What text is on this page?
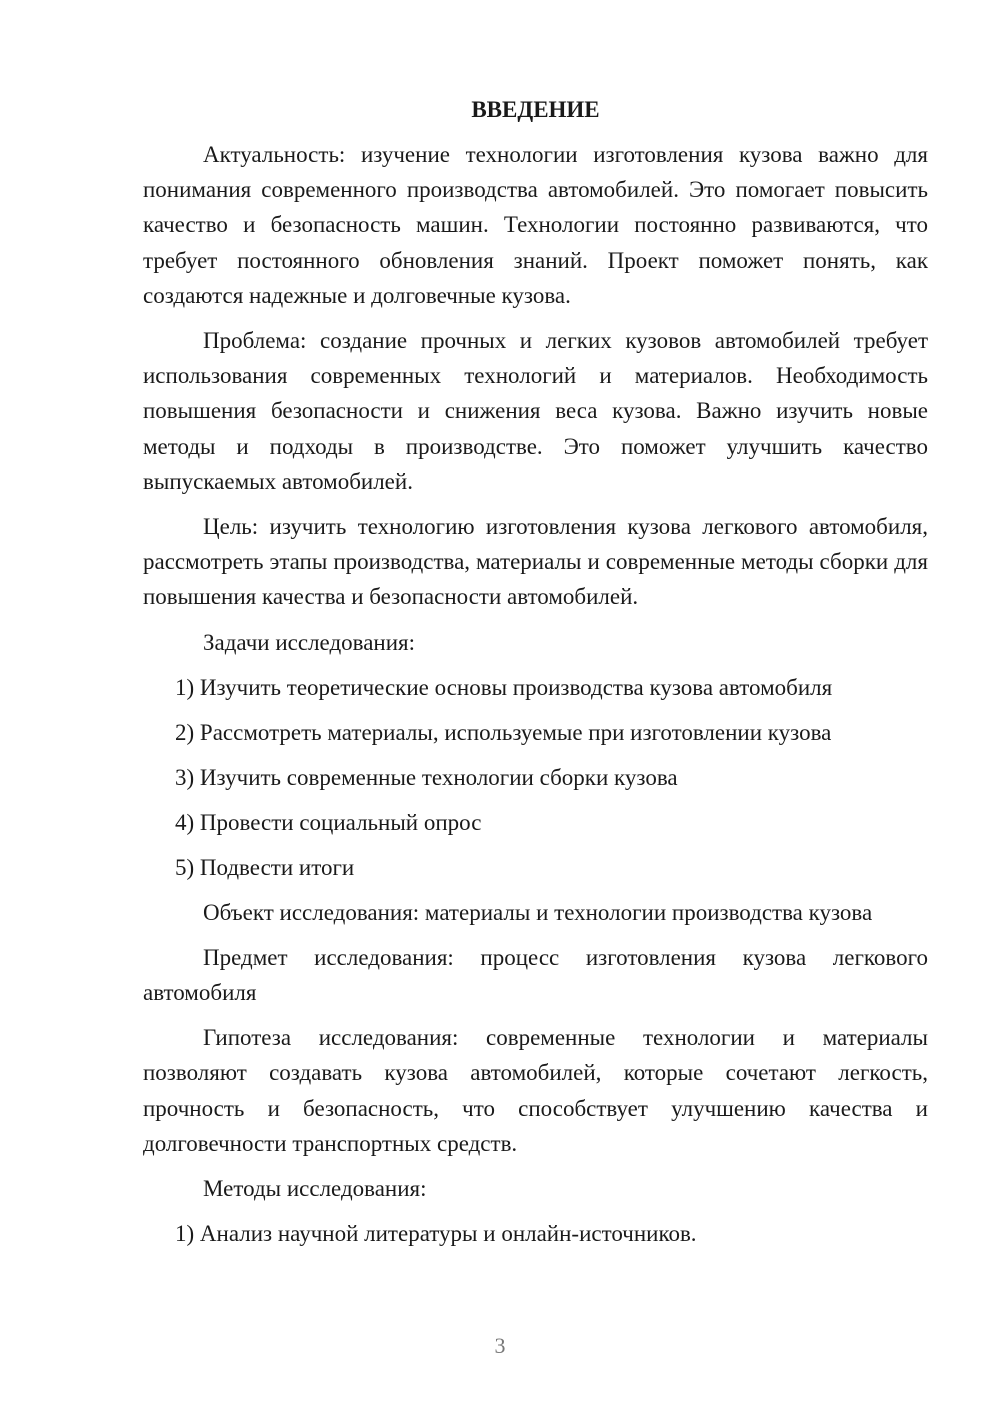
ВВЕДЕНИЕ

Актуальность: изучение технологии изготовления кузова важно для понимания современного производства автомобилей. Это помогает повысить качество и безопасность машин. Технологии постоянно развиваются, что требует постоянного обновления знаний. Проект поможет понять, как создаются надежные и долговечные кузова.

Проблема: создание прочных и легких кузовов автомобилей требует использования современных технологий и материалов. Необходимость повышения безопасности и снижения веса кузова. Важно изучить новые методы и подходы в производстве. Это поможет улучшить качество выпускаемых автомобилей.

Цель: изучить технологию изготовления кузова легкового автомобиля, рассмотреть этапы производства, материалы и современные методы сборки для повышения качества и безопасности автомобилей.

Задачи исследования:
1) Изучить теоретические основы производства кузова автомобиля
2) Рассмотреть материалы, используемые при изготовлении кузова
3) Изучить современные технологии сборки кузова
4) Провести социальный опрос
5) Подвести итоги

Объект исследования: материалы и технологии производства кузова

Предмет исследования: процесс изготовления кузова легкового автомобиля

Гипотеза исследования: современные технологии и материалы позволяют создавать кузова автомобилей, которые сочетают легкость, прочность и безопасность, что способствует улучшению качества и долговечности транспортных средств.

Методы исследования:
1) Анализ научной литературы и онлайн-источников.
3
